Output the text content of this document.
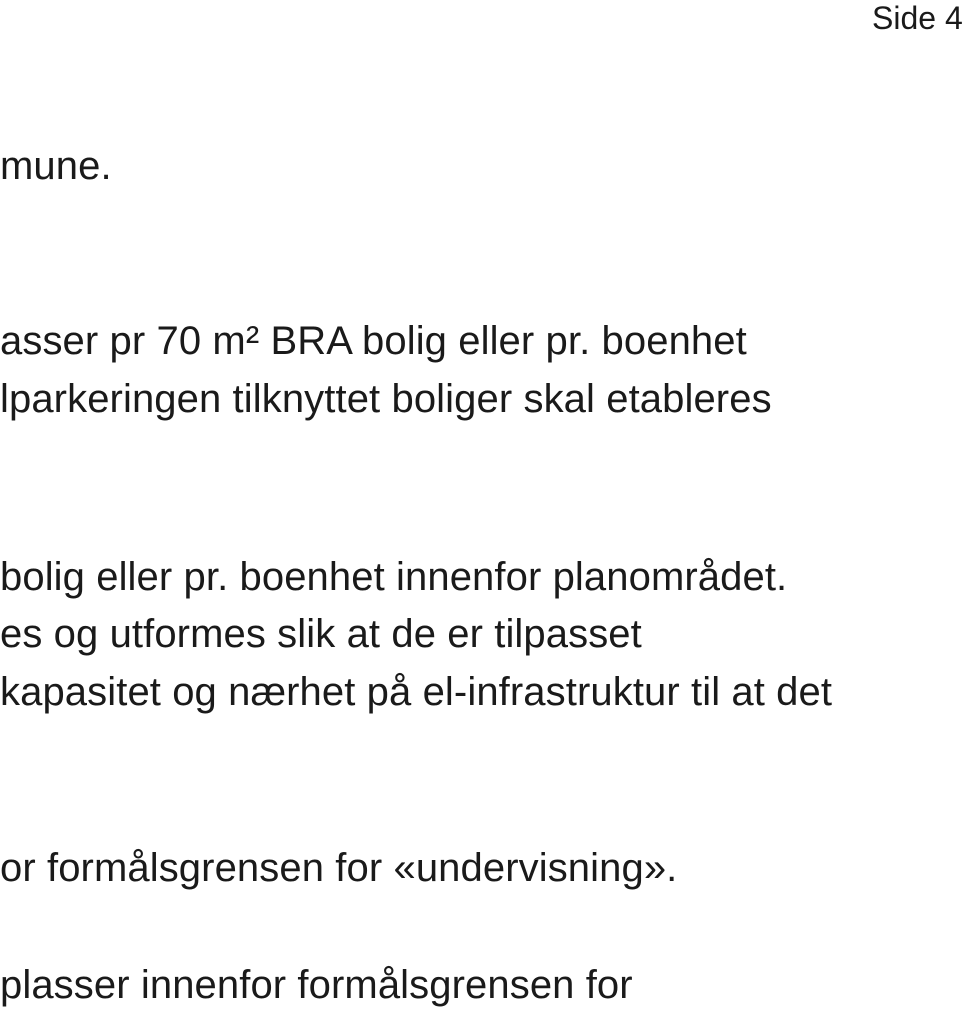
Side 4
mune.
asser pr 70 m² BRA bolig eller pr. boenhet
lparkeringen tilknyttet boliger skal etableres
bolig eller pr. boenhet innenfor planområdet.
es og utformes slik at de er tilpasset
kapasitet og nærhet på el-infrastruktur til at det
or formålsgrensen for «undervisning».
plasser innenfor formålsgrensen for
